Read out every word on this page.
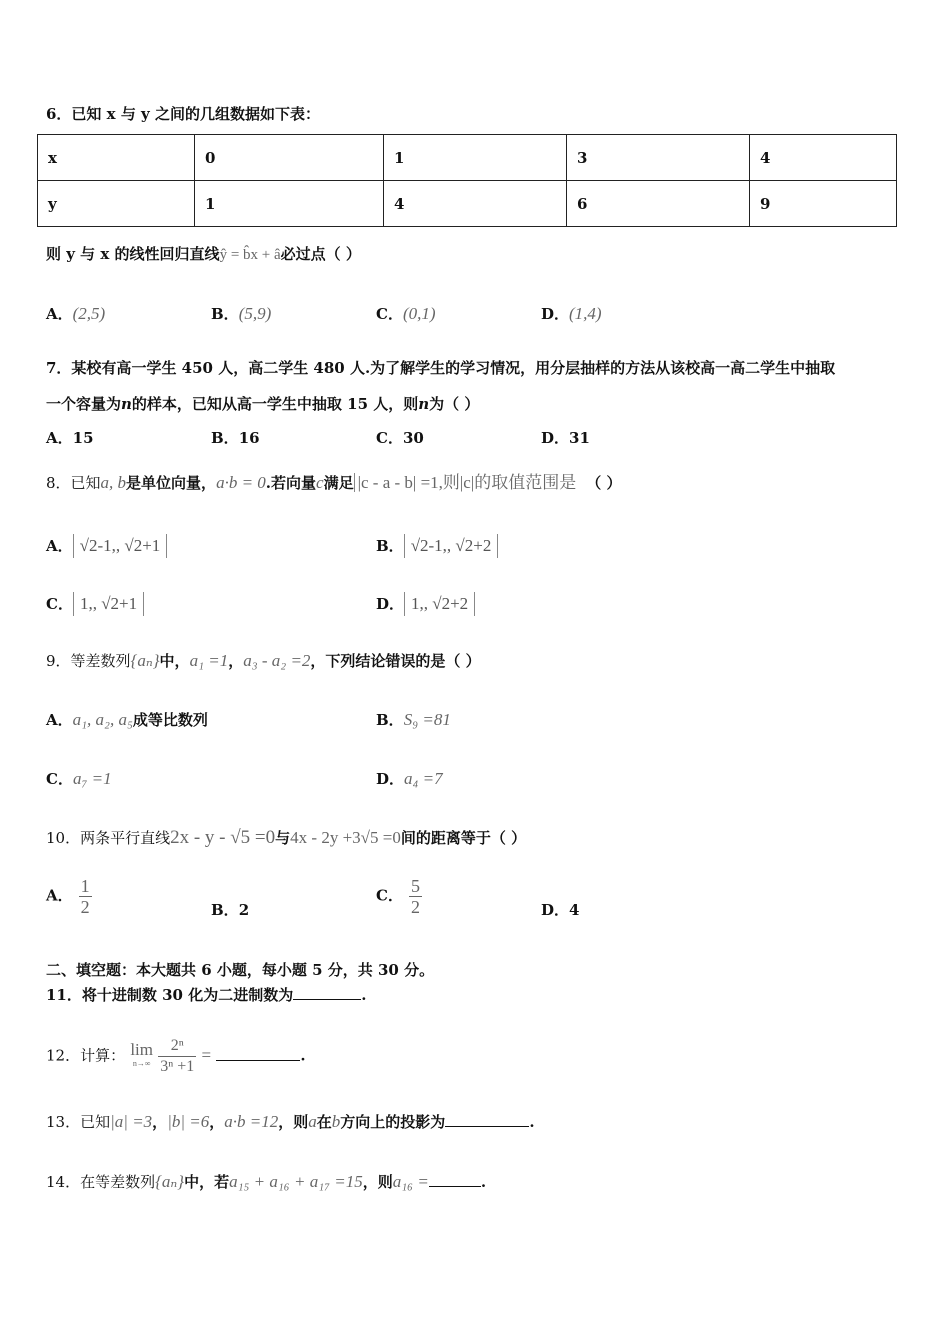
6．已知 x 与 y 之间的几组数据如下表：
x	0	1	3	4
y	1	4	6	9
则 y 与 x 的线性回归直线ŷ = b̂x + â必过点（ ）
A．(2,5)	B．(5,9)	C．(0,1)	D．(1,4)
7．某校有高一学生 450 人，高二学生 480 人.为了解学生的学习情况，用分层抽样的方法从该校高一高二学生中抽取
一个容量为n的样本，已知从高一学生中抽取 15 人，则n为（ ）
A．15	B．16	C．30	D．31
8．已知a, b是单位向量，a·b = 0.若向量c满足 |c - a - b| =1,则|c|的取值范围是 （ ）
A． √2-1,, √2+1	B． √2-1,, √2+2
C． 1,, √2+1	D． 1,, √2+2
9．等差数列{aₙ}中，a₁ =1，a₃ - a₂ =2，下列结论错误的是（ ）
A．a₁, a₂, a₅成等比数列	B．S₉ =81
C．a₇ =1	D．a₄ =7
10．两条平行直线2x - y - √5 =0与4x - 2y +3√5 =0间的距离等于（ ）
A． $\frac{1}{2}$	B．2
C． $\frac{5}{2}$	D．4
二、填空题：本大题共 6 小题，每小题 5 分，共 30 分。
11．将十进制数 30 化为二进制数为	.
12．计算： lim
n→∞
$\frac{\text{2ⁿ}}{\text{3ⁿ +1}}$ =	.
13．已知|a| =3，|b| =6，a·b =12，则a在b方向上的投影为	.
14．在等差数列{aₙ}中，若a₁₅ + a₁₆ + a₁₇ =15，则a₁₆ =	.
